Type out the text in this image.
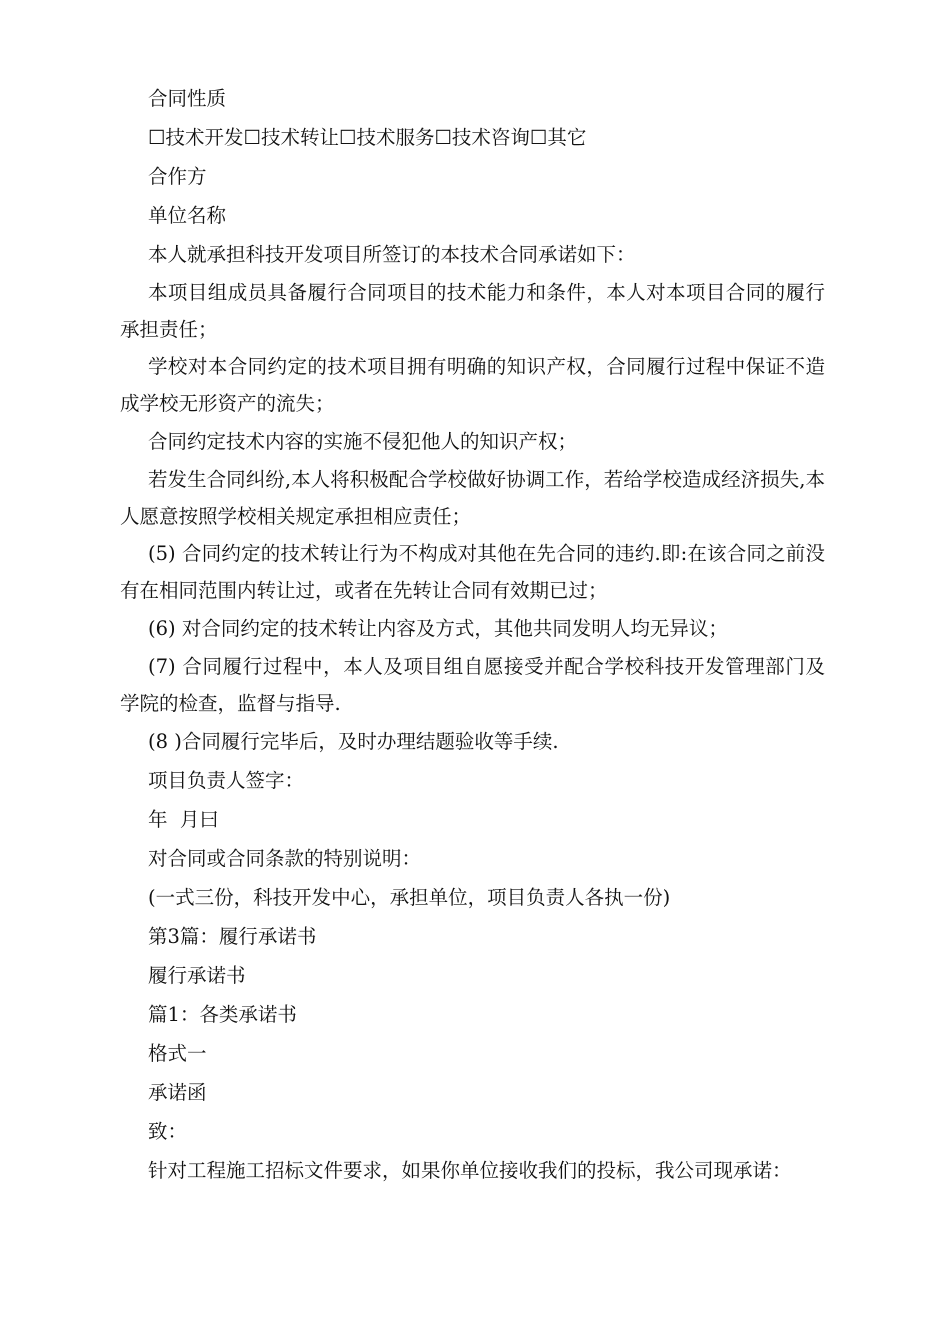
合同性质

☐技术开发☐技术转让☐技术服务☐技术咨询☐其它

合作方

单位名称

本人就承担科技开发项目所签订的本技术合同承诺如下：

本项目组成员具备履行合同项目的技术能力和条件，本人对本项目合同的履行承担责任；

学校对本合同约定的技术项目拥有明确的知识产权，合同履行过程中保证不造成学校无形资产的流失；

合同约定技术内容的实施不侵犯他人的知识产权；

若发生合同纠纷,本人将积极配合学校做好协调工作，若给学校造成经济损失,本人愿意按照学校相关规定承担相应责任；

(5) 合同约定的技术转让行为不构成对其他在先合同的违约.即:在该合同之前没有在相同范围内转让过，或者在先转让合同有效期已过；

(6) 对合同约定的技术转让内容及方式，其他共同发明人均无异议；

(7) 合同履行过程中，本人及项目组自愿接受并配合学校科技开发管理部门及学院的检查，监督与指导.

(8 )合同履行完毕后，及时办理结题验收等手续.

项目负责人签字：

年  月曰

对合同或合同条款的特别说明：

(一式三份，科技开发中心，承担单位，项目负责人各执一份)

第3篇：履行承诺书

履行承诺书

篇1：各类承诺书

格式一

承诺函

致：

针对工程施工招标文件要求，如果你单位接收我们的投标，我公司现承诺：
